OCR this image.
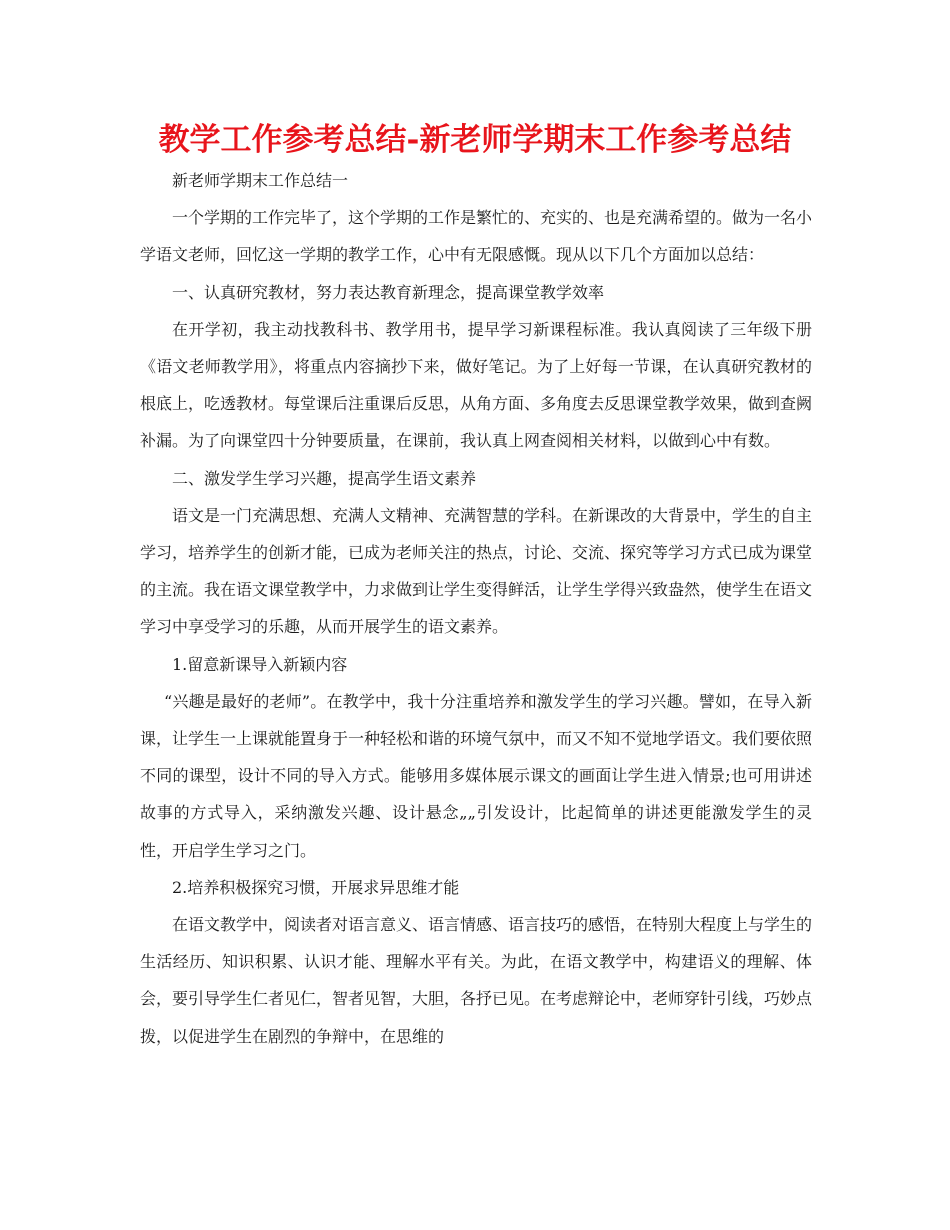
教学工作参考总结-新老师学期末工作参考总结

新老师学期末工作总结一

一个学期的工作完毕了，这个学期的工作是繁忙的、充实的、也是充满希望的。做为一名小学语文老师，回忆这一学期的教学工作，心中有无限感慨。现从以下几个方面加以总结：

一、认真研究教材，努力表达教育新理念，提高课堂教学效率

在开学初，我主动找教科书、教学用书，提早学习新课程标准。我认真阅读了三年级下册《语文老师教学用》，将重点内容摘抄下来，做好笔记。为了上好每一节课，在认真研究教材的根底上，吃透教材。每堂课后注重课后反思，从角方面、多角度去反思课堂教学效果，做到查阙补漏。为了向课堂四十分钟要质量，在课前，我认真上网查阅相关材料，以做到心中有数。

二、激发学生学习兴趣，提高学生语文素养

语文是一门充满思想、充满人文精神、充满智慧的学科。在新课改的大背景中，学生的自主学习，培养学生的创新才能，已成为老师关注的热点，讨论、交流、探究等学习方式已成为课堂的主流。我在语文课堂教学中，力求做到让学生变得鲜活，让学生学得兴致盎然，使学生在语文学习中享受学习的乐趣，从而开展学生的语文素养。

1.留意新课导入新颖内容

“兴趣是最好的老师”。在教学中，我十分注重培养和激发学生的学习兴趣。譬如，在导入新课，让学生一上课就能置身于一种轻松和谐的环境气氛中，而又不知不觉地学语文。我们要依照不同的课型，设计不同的导入方式。能够用多媒体展示课文的画面让学生进入情景;也可用讲述故事的方式导入，采纳激发兴趣、设计悬念„„引发设计，比起简单的讲述更能激发学生的灵性，开启学生学习之门。

2.培养积极探究习惯，开展求异思维才能

在语文教学中，阅读者对语言意义、语言情感、语言技巧的感悟，在特别大程度上与学生的生活经历、知识积累、认识才能、理解水平有关。为此，在语文教学中，构建语义的理解、体会，要引导学生仁者见仁，智者见智，大胆，各抒已见。在考虑辩论中，老师穿针引线，巧妙点拨，以促进学生在剧烈的争辩中，在思维的
